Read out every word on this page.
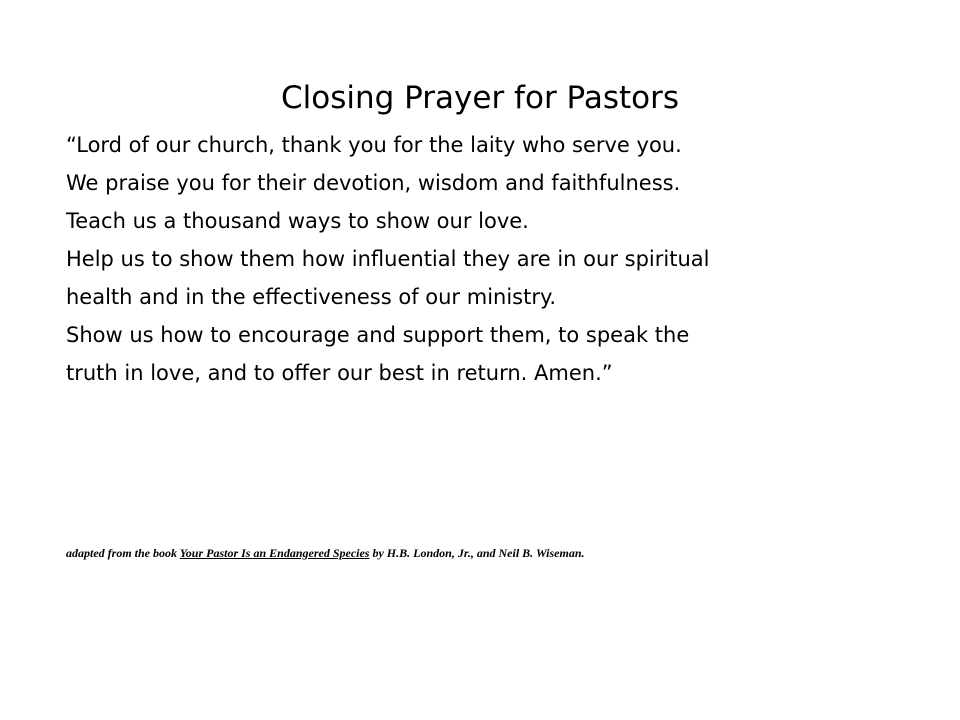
Closing Prayer for Pastors
“Lord of our church, thank you for the laity who serve you.
We praise you for their devotion, wisdom and faithfulness.
Teach us a thousand ways to show our love.
Help us to show them how influential they are in our spiritual
health and in the effectiveness of our ministry.
Show us how to encourage and support them, to speak the
truth in love, and to offer our best in return. Amen.”
adapted from the book Your Pastor Is an Endangered Species by H.B. London, Jr., and Neil B. Wiseman.
